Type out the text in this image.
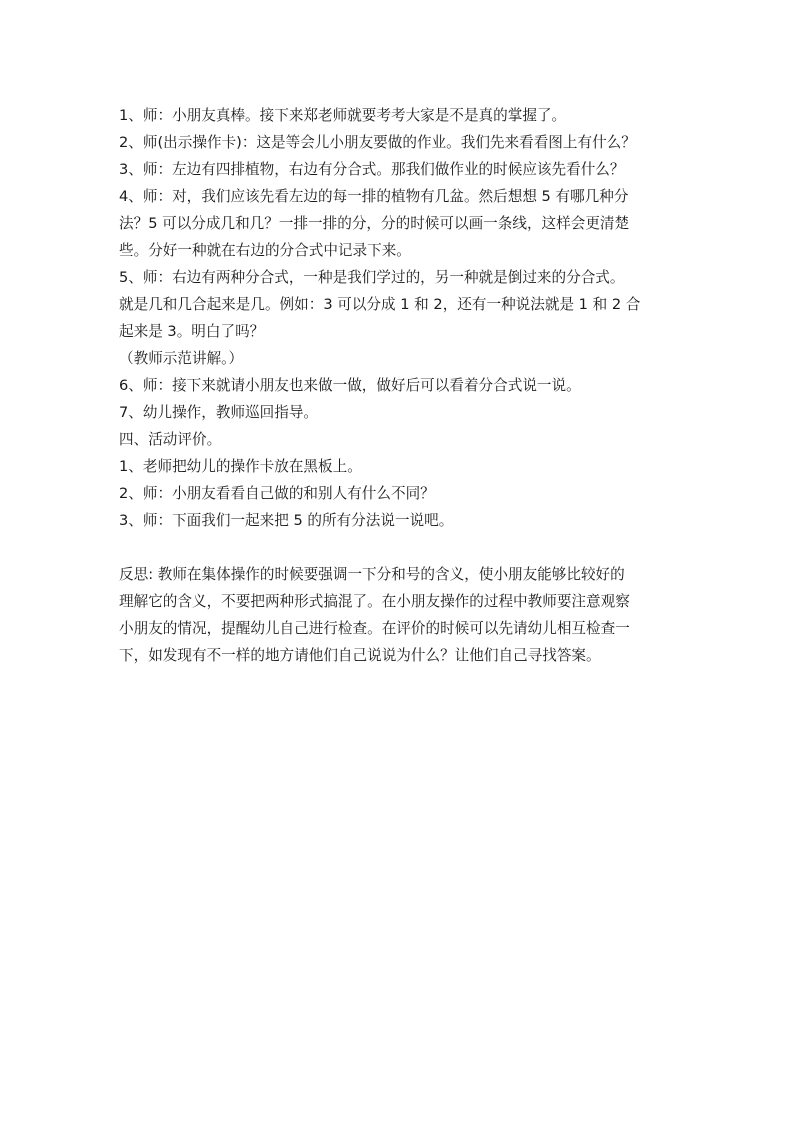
1、师：小朋友真棒。接下来郑老师就要考考大家是不是真的掌握了。
2、师(出示操作卡)：这是等会儿小朋友要做的作业。我们先来看看图上有什么？
3、师：左边有四排植物，右边有分合式。那我们做作业的时候应该先看什么？
4、师：对，我们应该先看左边的每一排的植物有几盆。然后想想 5 有哪几种分
法？5 可以分成几和几？一排一排的分，分的时候可以画一条线，这样会更清楚
些。分好一种就在右边的分合式中记录下来。
5、师：右边有两种分合式，一种是我们学过的，另一种就是倒过来的分合式。
就是几和几合起来是几。例如：3 可以分成 1 和 2，还有一种说法就是 1 和 2 合
起来是 3。明白了吗？
（教师示范讲解。）
6、师：接下来就请小朋友也来做一做，做好后可以看着分合式说一说。
7、幼儿操作，教师巡回指导。
四、活动评价。
1、老师把幼儿的操作卡放在黑板上。
2、师：小朋友看看自己做的和别人有什么不同？
3、师：下面我们一起来把 5 的所有分法说一说吧。
反思: 教师在集体操作的时候要强调一下分和号的含义，使小朋友能够比较好的
理解它的含义，不要把两种形式搞混了。在小朋友操作的过程中教师要注意观察
小朋友的情况，提醒幼儿自己进行检查。在评价的时候可以先请幼儿相互检查一
下，如发现有不一样的地方请他们自己说说为什么？让他们自己寻找答案。
